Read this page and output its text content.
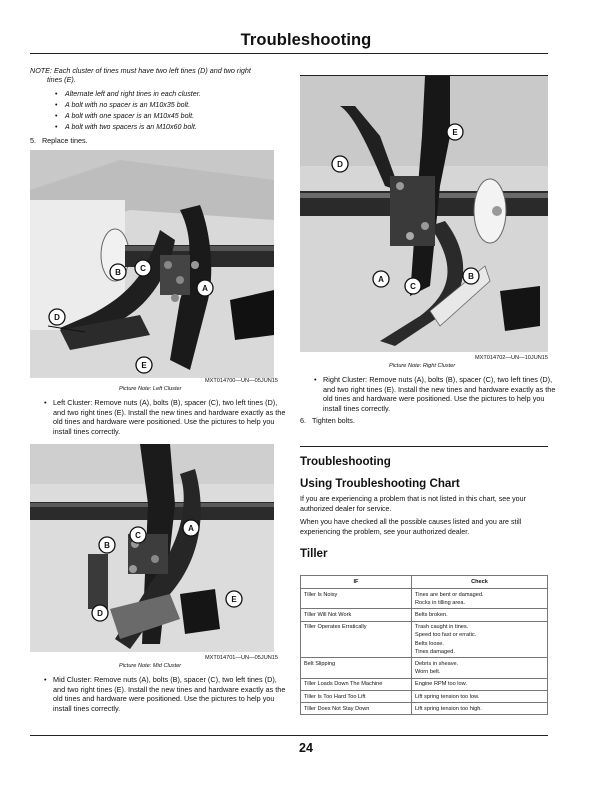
Troubleshooting
NOTE: Each cluster of tines must have two left tines (D) and two right
tines (E).
• Alternate left and right tines in each cluster.
• A bolt with no spacer is an M10x35 bolt.
• A bolt with one spacer is an M10x45 bolt.
• A bolt with two spacers is an M10x60 bolt.
5.   Replace tines.
B C
A
D
E
MXT014700—UN—05JUN15
Picture Note: Left Cluster
• Left Cluster: Remove nuts (A), bolts (B), spacer (C), two left tines (D), and two right tines (E). Install the new tines and hardware exactly as the old tines and hardware were positioned. Use the pictures to help you install tines correctly.
C
A
B
D
E
MXT014701—UN—05JUN15
Picture Note: Mid Cluster
• Mid Cluster: Remove nuts (A), bolts (B), spacer (C), two left tines (D), and two right tines (E). Install the new tines and hardware exactly as the old tines and hardware were positioned. Use the pictures to help you install tines correctly.
E
D
A
C
B
MXT014702—UN—10JUN15
Picture Note: Right Cluster
• Right Cluster: Remove nuts (A), bolts (B), spacer (C), two left tines (D), and two right tines (E). Install the new tines and hardware exactly as the old tines and hardware were positioned. Use the pictures to help you install tines correctly.
6.   Tighten bolts.
Troubleshooting
Using Troubleshooting Chart
If you are experiencing a problem that is not listed in this chart, see your authorized dealer for service.
When you have checked all the possible causes listed and you are still experiencing the problem, see your authorized dealer.
Tiller
IF	Check
Tiller Is Noisy	Tines are bent or damaged.
Rocks in tilling area.

Tiller Will Not Work	Belts broken.

Tiller Operates Erratically	Trash caught in tines.
Speed too fast or erratic.
Belts loose.
Tines damaged.

Belt Slipping	Debris in sheave.
Worn belt.

Tiller Loads Down The Machine	Engine RPM too low.

Tiller Is Too Hard Too Lift	Lift spring tension too low.

Tiller Does Not Stay Down	Lift spring tension too high.
24
